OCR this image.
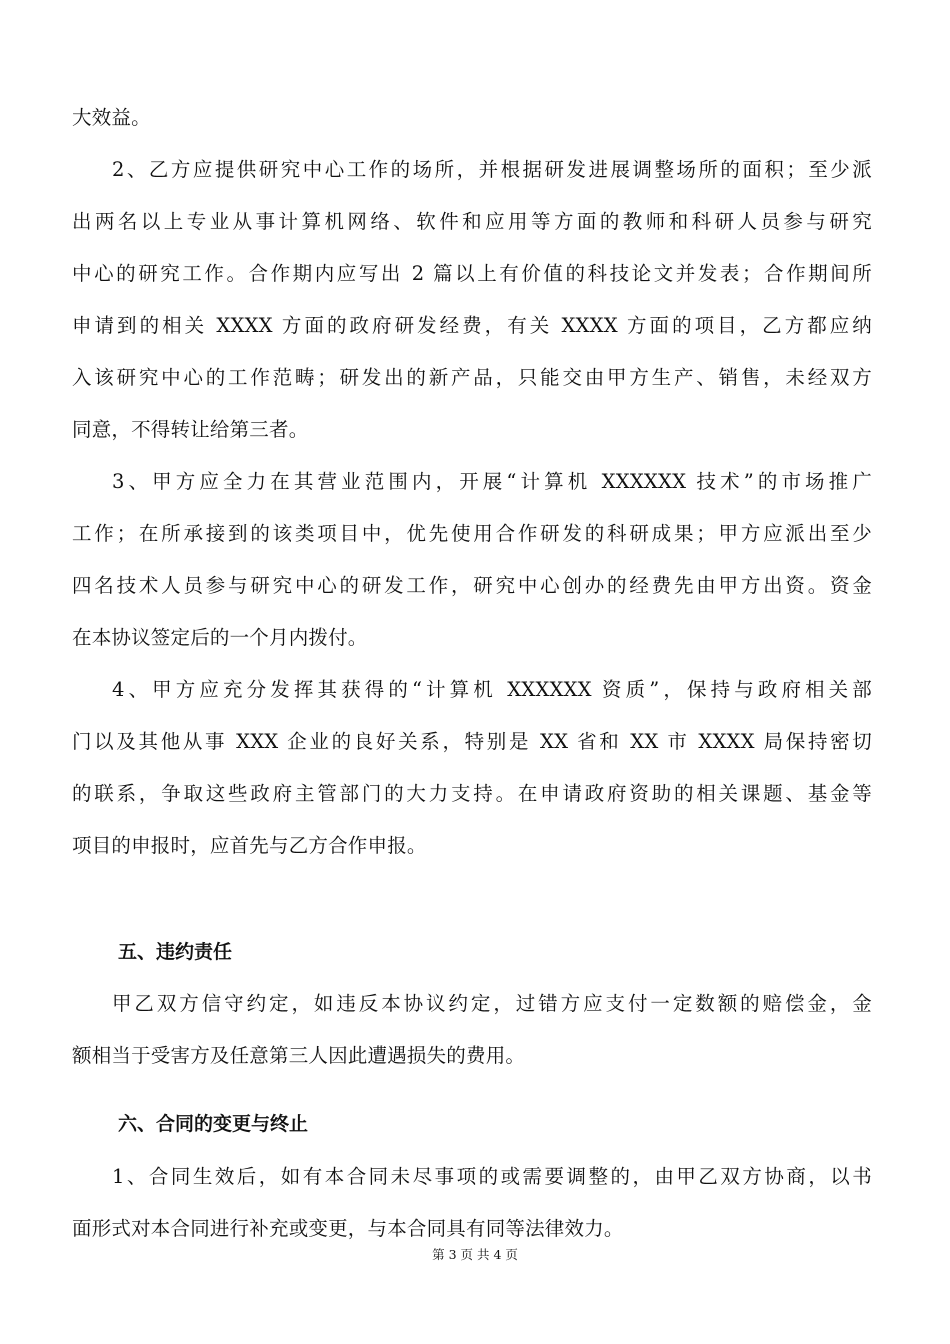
大效益。
2、乙方应提供研究中心工作的场所，并根据研发进展调整场所的面积；至少派
出两名以上专业从事计算机网络、软件和应用等方面的教师和科研人员参与研究
中心的研究工作。合作期内应写出 2 篇以上有价值的科技论文并发表；合作期间所
申请到的相关 XXXX 方面的政府研发经费，有关 XXXX 方面的项目，乙方都应纳
入该研究中心的工作范畴；研发出的新产品，只能交由甲方生产、销售，未经双方
同意，不得转让给第三者。
3、甲方应全力在其营业范围内，开展“计算机 XXXXXX 技术”的市场推广
工作；在所承接到的该类项目中，优先使用合作研发的科研成果；甲方应派出至少
四名技术人员参与研究中心的研发工作，研究中心创办的经费先由甲方出资。资金
在本协议签定后的一个月内拨付。
4、甲方应充分发挥其获得的“计算机 XXXXXX 资质”，保持与政府相关部
门以及其他从事 XXX 企业的良好关系，特别是 XX 省和 XX 市 XXXX 局保持密切
的联系，争取这些政府主管部门的大力支持。在申请政府资助的相关课题、基金等
项目的申报时，应首先与乙方合作申报。
五、违约责任
甲乙双方信守约定，如违反本协议约定，过错方应支付一定数额的赔偿金，金
额相当于受害方及任意第三人因此遭遇损失的费用。
六、合同的变更与终止
1、合同生效后，如有本合同未尽事项的或需要调整的，由甲乙双方协商，以书
面形式对本合同进行补充或变更，与本合同具有同等法律效力。
第 3 页 共 4 页
